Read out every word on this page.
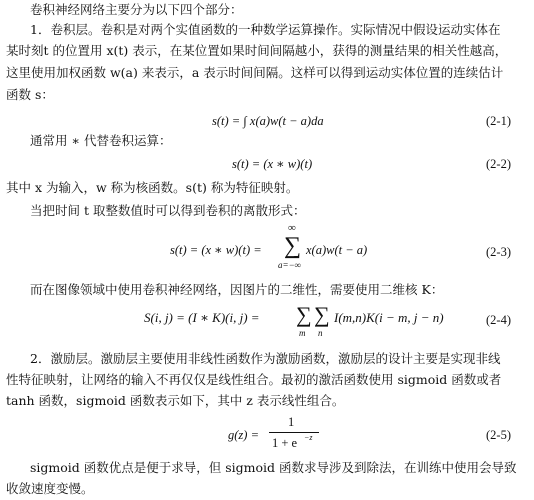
卷积神经网络主要分为以下四个部分：
1．卷积层。卷积是对两个实值函数的一种数学运算操作。实际情况中假设运动实体在
某时刻t 的位置用 x(t) 表示，在某位置如果时间间隔越小，获得的测量结果的相关性越高，
这里使用加权函数 w(a) 来表示，a 表示时间间隔。这样可以得到运动实体位置的连续估计
函数 s：
s(t) = ∫ x(a)w(t − a)da	(2-1)
通常用 ∗ 代替卷积运算：
s(t) = (x ∗ w)(t)	(2-2)
其中 x 为输入，w 称为核函数。s(t) 称为特征映射。
当把时间 t 取整数值时可以得到卷积的离散形式：
s(t) = (x ∗ w)(t) =
∞
∑
a=−∞
x(a)w(t − a)	(2-3)
而在图像领域中使用卷积神经网络，因图片的二维性，需要使用二维核 K：
S(i, j) = (I ∗ K)(i, j) = ∑
m
∑
n
I(m,n)K(i − m, j − n)	(2-4)
2．激励层。激励层主要使用非线性函数作为激励函数，激励层的设计主要是实现非线
性特征映射，让网络的输入不再仅仅是线性组合。最初的激活函数使用 sigmoid 函数或者
tanh 函数，sigmoid 函数表示如下，其中 z 表示线性组合。
g(z) =
1
1 + e −z	(2-5)
sigmoid 函数优点是便于求导，但 sigmoid 函数求导涉及到除法，在训练中使用会导致
收敛速度变慢。
